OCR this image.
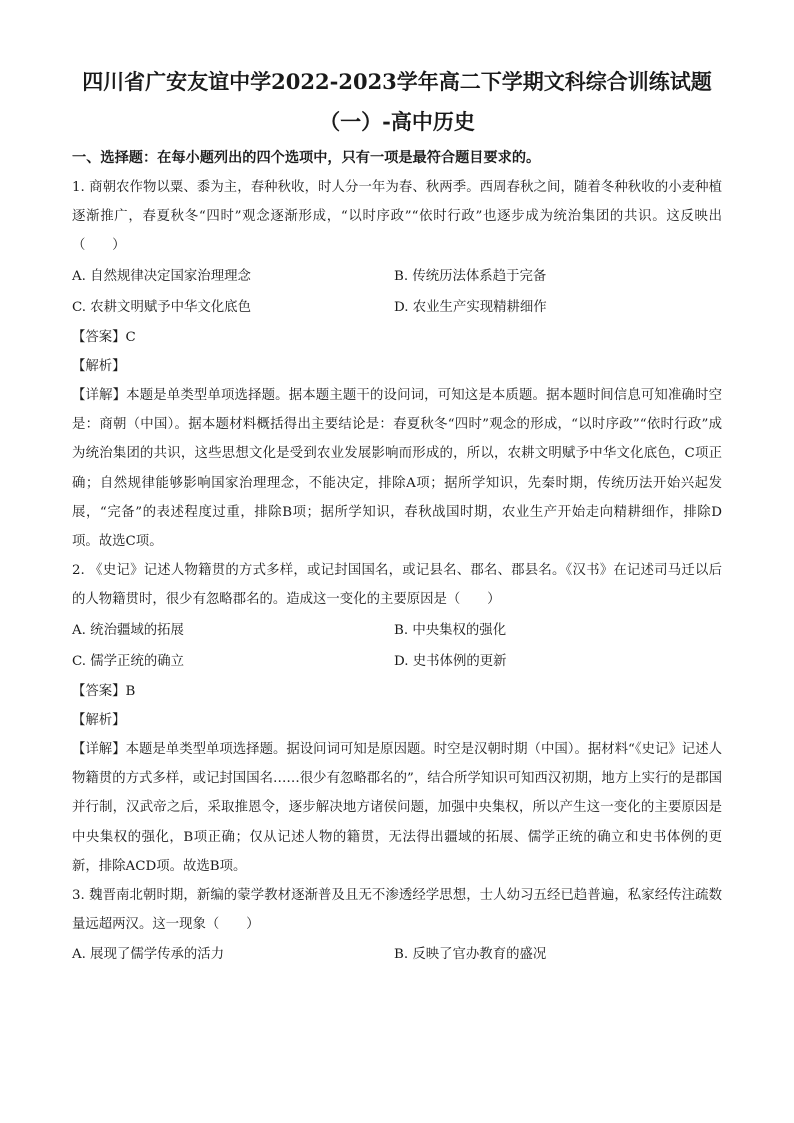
四川省广安友谊中学2022-2023学年高二下学期文科综合训练试题
（一）-高中历史
一、选择题：在每小题列出的四个选项中，只有一项是最符合题目要求的。

1. 商朝农作物以粟、黍为主，春种秋收，时人分一年为春、秋两季。西周春秋之间，随着冬种秋收的小麦种植逐渐推广，春夏秋冬“四时”观念逐渐形成，“以时序政”“依时行政”也逐步成为统治集团的共识。这反映出（　　）

A. 自然规律决定国家治理理念	B. 传统历法体系趋于完备
C. 农耕文明赋予中华文化底色	D. 农业生产实现精耕细作

【答案】C

【解析】

【详解】本题是单类型单项选择题。据本题主题干的设问词，可知这是本质题。据本题时间信息可知准确时空是：商朝（中国）。据本题材料概括得出主要结论是：春夏秋冬“四时”观念的形成，“以时序政”“依时行政”成为统治集团的共识，这些思想文化是受到农业发展影响而形成的，所以，农耕文明赋予中华文化底色，C项正确；自然规律能够影响国家治理理念，不能决定，排除A项；据所学知识，先秦时期，传统历法开始兴起发展，“完备”的表述程度过重，排除B项；据所学知识，春秋战国时期，农业生产开始走向精耕细作，排除D项。故选C项。

2. 《史记》记述人物籍贯的方式多样，或记封国国名，或记县名、郡名、郡县名。《汉书》在记述司马迁以后的人物籍贯时，很少有忽略郡名的。造成这一变化的主要原因是（　　）

A. 统治疆域的拓展	B. 中央集权的强化
C. 儒学正统的确立	D. 史书体例的更新

【答案】B

【解析】

【详解】本题是单类型单项选择题。据设问词可知是原因题。时空是汉朝时期（中国）。据材料“《史记》记述人物籍贯的方式多样，或记封国国名……很少有忽略郡名的”，结合所学知识可知西汉初期，地方上实行的是郡国并行制，汉武帝之后，采取推恩令，逐步解决地方诸侯问题，加强中央集权，所以产生这一变化的主要原因是中央集权的强化，B项正确；仅从记述人物的籍贯，无法得出疆域的拓展、儒学正统的确立和史书体例的更新，排除ACD项。故选B项。

3. 魏晋南北朝时期，新编的蒙学教材逐渐普及且无不渗透经学思想，士人幼习五经已趋普遍，私家经传注疏数量远超两汉。这一现象（　　）

A. 展现了儒学传承的活力	B. 反映了官办教育的盛况
